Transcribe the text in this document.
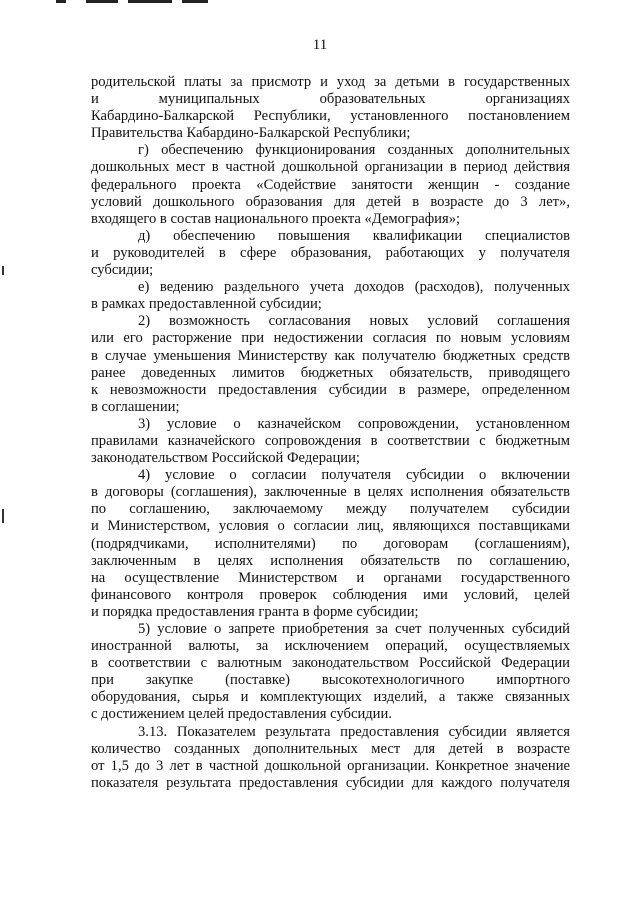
11
родительской платы за присмотр и уход за детьми в государственных
и муниципальных образовательных организациях
Кабардино-Балкарской Республики, установленного постановлением
Правительства Кабардино-Балкарской Республики;
г) обеспечению функционирования созданных дополнительных
дошкольных мест в частной дошкольной организации в период действия
федерального проекта «Содействие занятости женщин - создание
условий дошкольного образования для детей в возрасте до 3 лет»,
входящего в состав национального проекта «Демография»;
д) обеспечению повышения квалификации специалистов
и руководителей в сфере образования, работающих у получателя
субсидии;
е) ведению раздельного учета доходов (расходов), полученных
в рамках предоставленной субсидии;
2) возможность согласования новых условий соглашения
или его расторжение при недостижении согласия по новым условиям
в случае уменьшения Министерству как получателю бюджетных средств
ранее доведенных лимитов бюджетных обязательств, приводящего
к невозможности предоставления субсидии в размере, определенном
в соглашении;
3) условие о казначейском сопровождении, установленном
правилами казначейского сопровождения в соответствии с бюджетным
законодательством Российской Федерации;
4) условие о согласии получателя субсидии о включении
в договоры (соглашения), заключенные в целях исполнения обязательств
по соглашению, заключаемому между получателем субсидии
и Министерством, условия о согласии лиц, являющихся поставщиками
(подрядчиками, исполнителями) по договорам (соглашениям),
заключенным в целях исполнения обязательств по соглашению,
на осуществление Министерством и органами государственного
финансового контроля проверок соблюдения ими условий, целей
и порядка предоставления гранта в форме субсидии;
5) условие о запрете приобретения за счет полученных субсидий
иностранной валюты, за исключением операций, осуществляемых
в соответствии с валютным законодательством Российской Федерации
при закупке (поставке) высокотехнологичного импортного
оборудования, сырья и комплектующих изделий, а также связанных
с достижением целей предоставления субсидии.
3.13. Показателем результата предоставления субсидии является
количество созданных дополнительных мест для детей в возрасте
от 1,5 до 3 лет в частной дошкольной организации. Конкретное значение
показателя результата предоставления субсидии для каждого получателя
